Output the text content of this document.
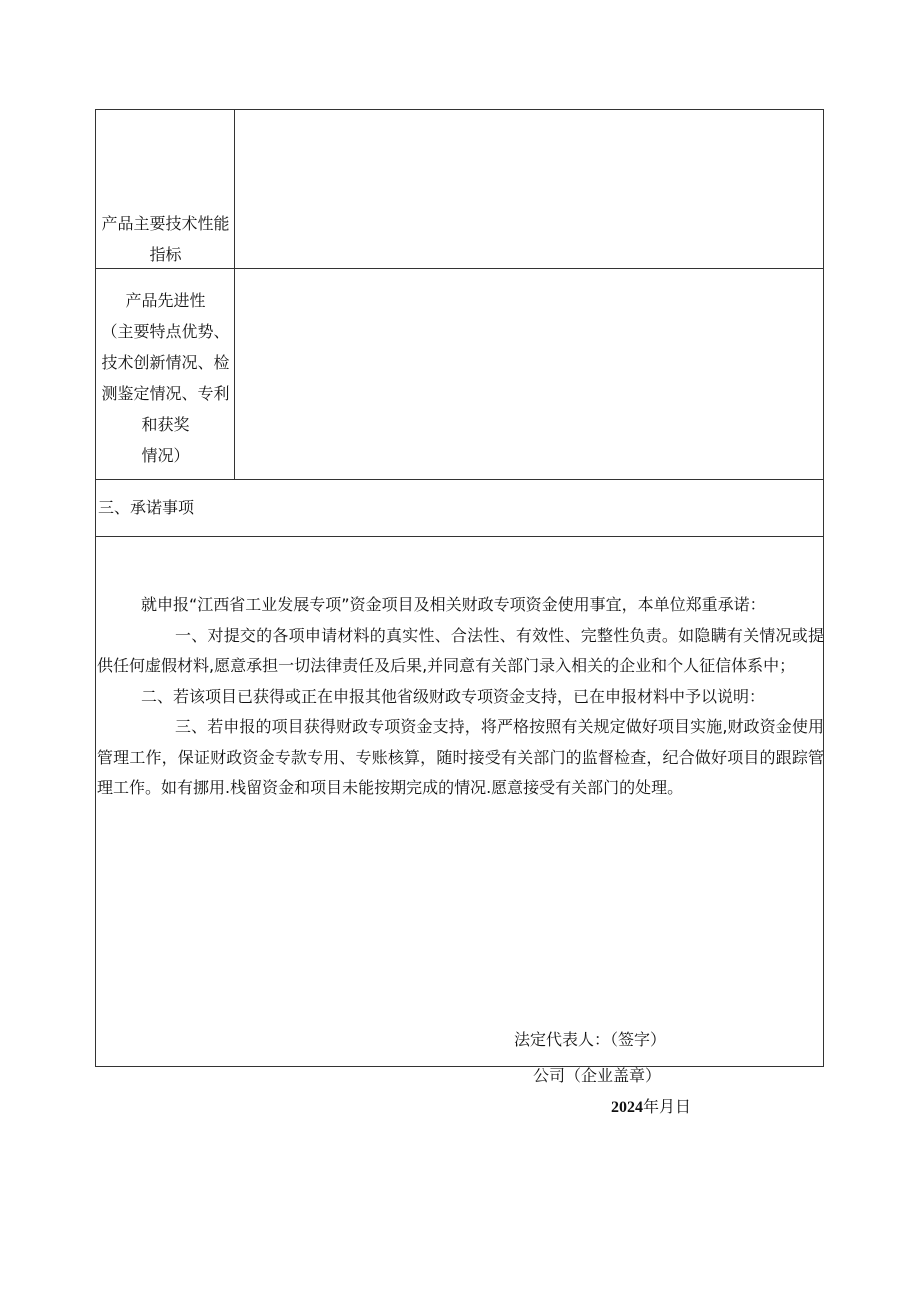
产品主要技术性能
指标
产品先进性
（主要特点优势、
技术创新情况、检
测鉴定情况、专利
和获奖
情况）
三、承诺事项

就申报“江西省工业发展专项”资金项目及相关财政专项资金使用事宜，本单位郑重承诺：

一、对提交的各项申请材料的真实性、合法性、有效性、完整性负责。如隐瞒有关情况或提供任何虚假材料,愿意承担一切法律责任及后果,并同意有关部门录入相关的企业和个人征信体系中；

二、若该项目已获得或正在申报其他省级财政专项资金支持，已在申报材料中予以说明：

三、若申报的项目获得财政专项资金支持，将严格按照有关规定做好项目实施,财政资金使用管理工作，保证财政资金专款专用、专账核算，随时接受有关部门的监督检查，纪合做好项目的跟踪管理工作。如有挪用.栈留资金和项目未能按期完成的情况.愿意接受有关部门的处理。

法定代表人：（签字）
公司（企业盖章）
2024年月日
